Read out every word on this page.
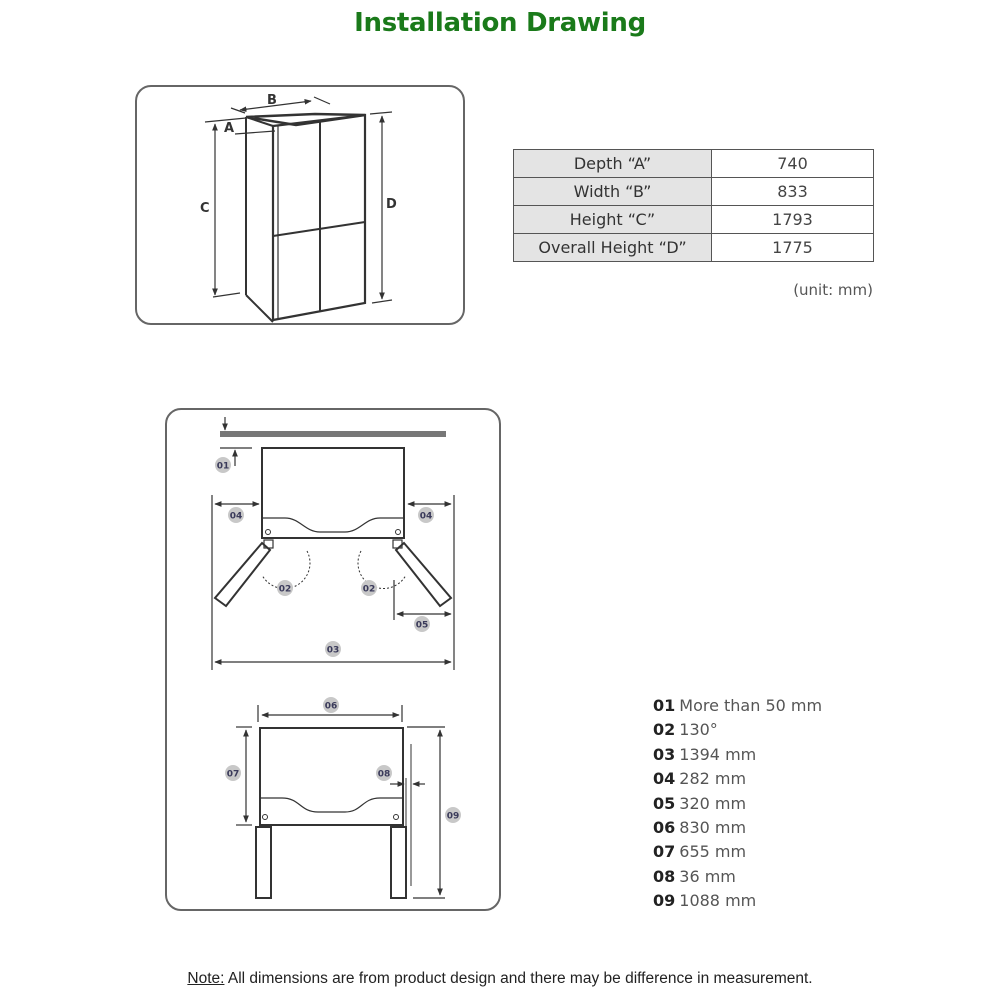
Installation Drawing
B
A
C	D
Depth “A”	740
Width “B”	833
Height “C”	1793
Overall Height “D”	1775
(unit: mm)
01
04	04
02	02
05
03
06
07	08
09
01 More than 50 mm
02 130°
03 1394 mm
04 282 mm
05 320 mm
06 830 mm
07 655 mm
08 36 mm
09 1088 mm
Note: All dimensions are from product design and there may be difference in measurement.
